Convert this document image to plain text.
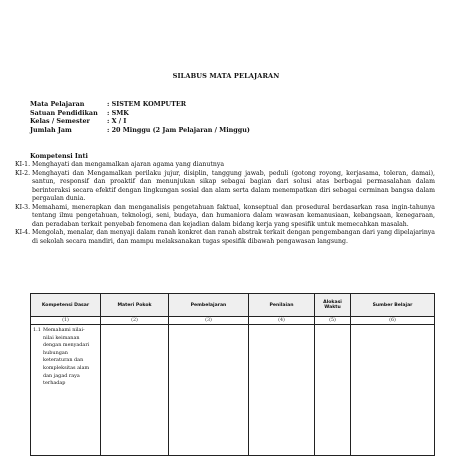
SILABUS MATA PELAJARAN
Mata Pelajaran	: SISTEM KOMPUTER
Satuan Pendidikan : SMK
Kelas / Semester	: X / I
Jumlah Jam	: 20 Minggu (2 Jam Pelajaran / Minggu)
Kompetensi Inti
KI-1. Menghayati dan mengamalkan ajaran agama yang dianutnya
KI-2. Menghayati dan Mengamalkan perilaku jujur, disiplin, tanggung jawab, peduli (gotong royong, kerjasama, toleran, damai), santun, responsif dan proaktif dan menunjukan sikap sebagai bagian dari solusi atas berbagai permasalahan dalam berinteraksi secara efektif dengan lingkungan sosial dan alam serta dalam menempatkan diri sebagai cerminan bangsa dalam pergaulan dunia.
KI-3. Memahami, menerapkan dan menganalisis pengetahuan faktual, konseptual dan prosedural berdasarkan rasa ingin-tahunya tentang ilmu pengetahuan, teknologi, seni, budaya, dan humaniora dalam wawasan kemanusiaan, kebangsaan, kenegaraan, dan peradaban terkait penyebab fenomena dan kejadian dalam bidang kerja yang spesifik untuk memecahkan masalah.
KI-4. Mengolah, menalar, dan menyaji dalam ranah konkret dan ranah abstrak terkait dengan pengembangan dari yang dipelajarinya di sekolah secara mandiri, dan mampu melaksanakan tugas spesifik dibawah pengawasan langsung.
Kompetensi Dasar	Materi Pokok	Pembelajaran	Penilaian	Alokasi Waktu	Sumber Belajar
(1)	(2)	(3)	(4)	(5)	(6)

1.1 Memahami nilai-nilai keimanan dengan menyadari hubungan keteraturan dan kompleksitas alam dan jagad raya terhadap					
